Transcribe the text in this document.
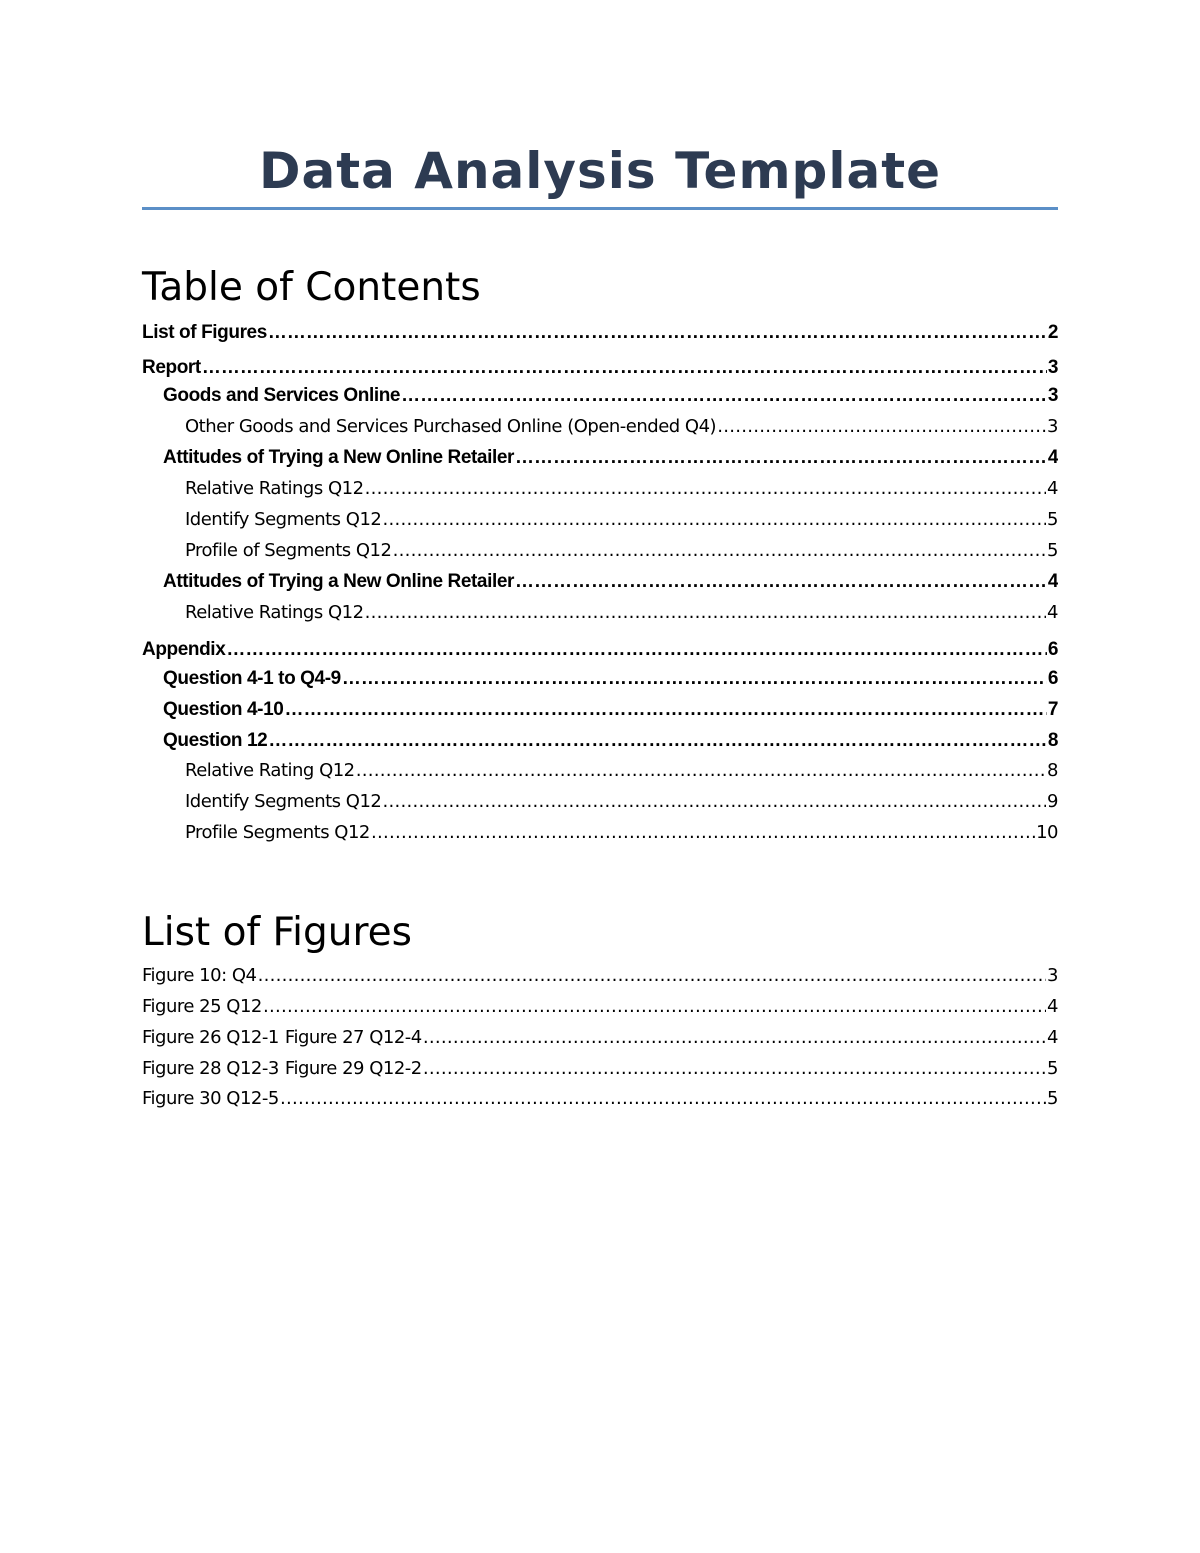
Data Analysis Template
Table of Contents
List of Figures ……………………………………………………………………………………………………………………………………………………………………………………………………………………………………………………………………………………………………………………………………………	2
Report ……………………………………………………………………………………………………………………………………………………………………………………………………………………………………………………………………………………………………………………………………………	3
Goods and Services Online ……………………………………………………………………………………………………………………………………………………………………………………………………………………………………………………………………………………………………………………………………………	3
Other Goods and Services Purchased Online (Open-ended Q4) ……………………………………………………………………………………………………………………………………………………………………………………………………………………………………………………………………………………………………………………………………………	3
Attitudes of Trying a New Online Retailer ……………………………………………………………………………………………………………………………………………………………………………………………………………………………………………………………………………………………………………………………………………	4
Relative Ratings Q12 ……………………………………………………………………………………………………………………………………………………………………………………………………………………………………………………………………………………………………………………………………………	4
Identify Segments Q12 ……………………………………………………………………………………………………………………………………………………………………………………………………………………………………………………………………………………………………………………………………………	5
Profile of Segments Q12 ……………………………………………………………………………………………………………………………………………………………………………………………………………………………………………………………………………………………………………………………………………	5
Attitudes of Trying a New Online Retailer ……………………………………………………………………………………………………………………………………………………………………………………………………………………………………………………………………………………………………………………………………………	4
Relative Ratings Q12 ……………………………………………………………………………………………………………………………………………………………………………………………………………………………………………………………………………………………………………………………………………	4
Appendix ……………………………………………………………………………………………………………………………………………………………………………………………………………………………………………………………………………………………………………………………………………	6
Question 4-1 to Q4-9 ……………………………………………………………………………………………………………………………………………………………………………………………………………………………………………………………………………………………………………………………………………	6
Question 4-10 ……………………………………………………………………………………………………………………………………………………………………………………………………………………………………………………………………………………………………………………………………………	7
Question 12 ……………………………………………………………………………………………………………………………………………………………………………………………………………………………………………………………………………………………………………………………………………	8
Relative Rating Q12 ……………………………………………………………………………………………………………………………………………………………………………………………………………………………………………………………………………………………………………………………………………	8
Identify Segments Q12 ……………………………………………………………………………………………………………………………………………………………………………………………………………………………………………………………………………………………………………………………………………	9
Profile Segments Q12 ……………………………………………………………………………………………………………………………………………………………………………………………………………………………………………………………………………………………………………………………………………	10
List of Figures
Figure 10: Q4 ……………………………………………………………………………………………………………………………………………………………………………………………………………………………………………………………………………………………………………………………………………	3
Figure 25 Q12 ……………………………………………………………………………………………………………………………………………………………………………………………………………………………………………………………………………………………………………………………………………	4
Figure 26 Q12-1 Figure 27 Q12-4 ……………………………………………………………………………………………………………………………………………………………………………………………………………………………………………………………………………………………………………………………………………	4
Figure 28 Q12-3 Figure 29 Q12-2 ……………………………………………………………………………………………………………………………………………………………………………………………………………………………………………………………………………………………………………………………………………	5
Figure 30 Q12-5 ……………………………………………………………………………………………………………………………………………………………………………………………………………………………………………………………………………………………………………………………………………	5
